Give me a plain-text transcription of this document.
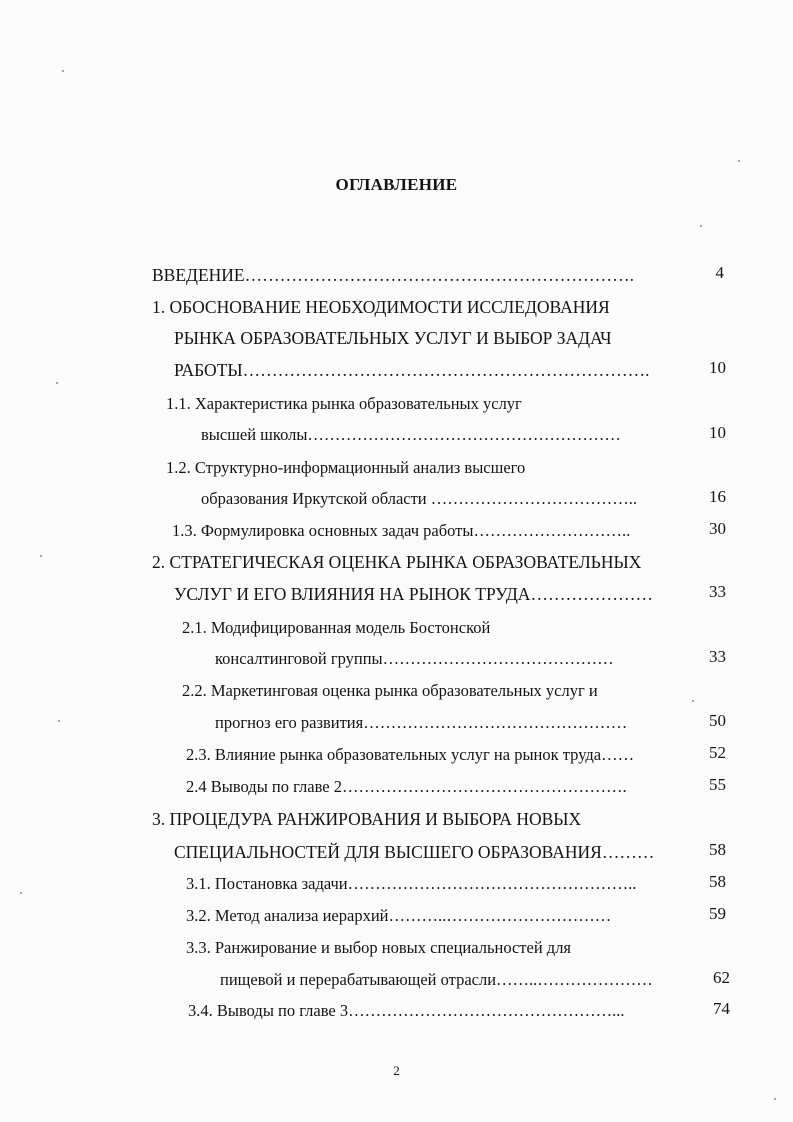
ОГЛАВЛЕНИЕ
ВВЕДЕНИЕ………………………………………………………….	4
1. ОБОСНОВАНИЕ НЕОБХОДИМОСТИ ИССЛЕДОВАНИЯ
РЫНКА ОБРАЗОВАТЕЛЬНЫХ УСЛУГ И ВЫБОР ЗАДАЧ
РАБОТЫ…………………………………………………………….	10
1.1. Характеристика рынка образовательных услуг
высшей школы…………………………………………………	10
1.2. Структурно-информационный анализ высшего
образования Иркутской области ………………………………..	16
1.3. Формулировка основных задач работы………………………..	30
2. СТРАТЕГИЧЕСКАЯ ОЦЕНКА РЫНКА ОБРАЗОВАТЕЛЬНЫХ
УСЛУГ И ЕГО ВЛИЯНИЯ НА РЫНОК ТРУДА…………………	33
2.1. Модифицированная модель Бостонской
консалтинговой группы……………………………………	33
2.2. Маркетинговая оценка рынка образовательных услуг и
прогноз его развития…………………………………………	50
2.3. Влияние рынка образовательных услуг на рынок труда……	52
2.4 Выводы по главе 2…………………………………………….	55
3. ПРОЦЕДУРА РАНЖИРОВАНИЯ И ВЫБОРА НОВЫХ
СПЕЦИАЛЬНОСТЕЙ ДЛЯ ВЫСШЕГО ОБРАЗОВАНИЯ………	58
3.1. Постановка задачи……………………………………………..	58
3.2. Метод анализа иерархий………..…………………………	59
3.3. Ранжирование и выбор новых специальностей для
пищевой и перерабатывающей отрасли……..…………………	62
3.4. Выводы по главе 3…………………………………………...	74
2
